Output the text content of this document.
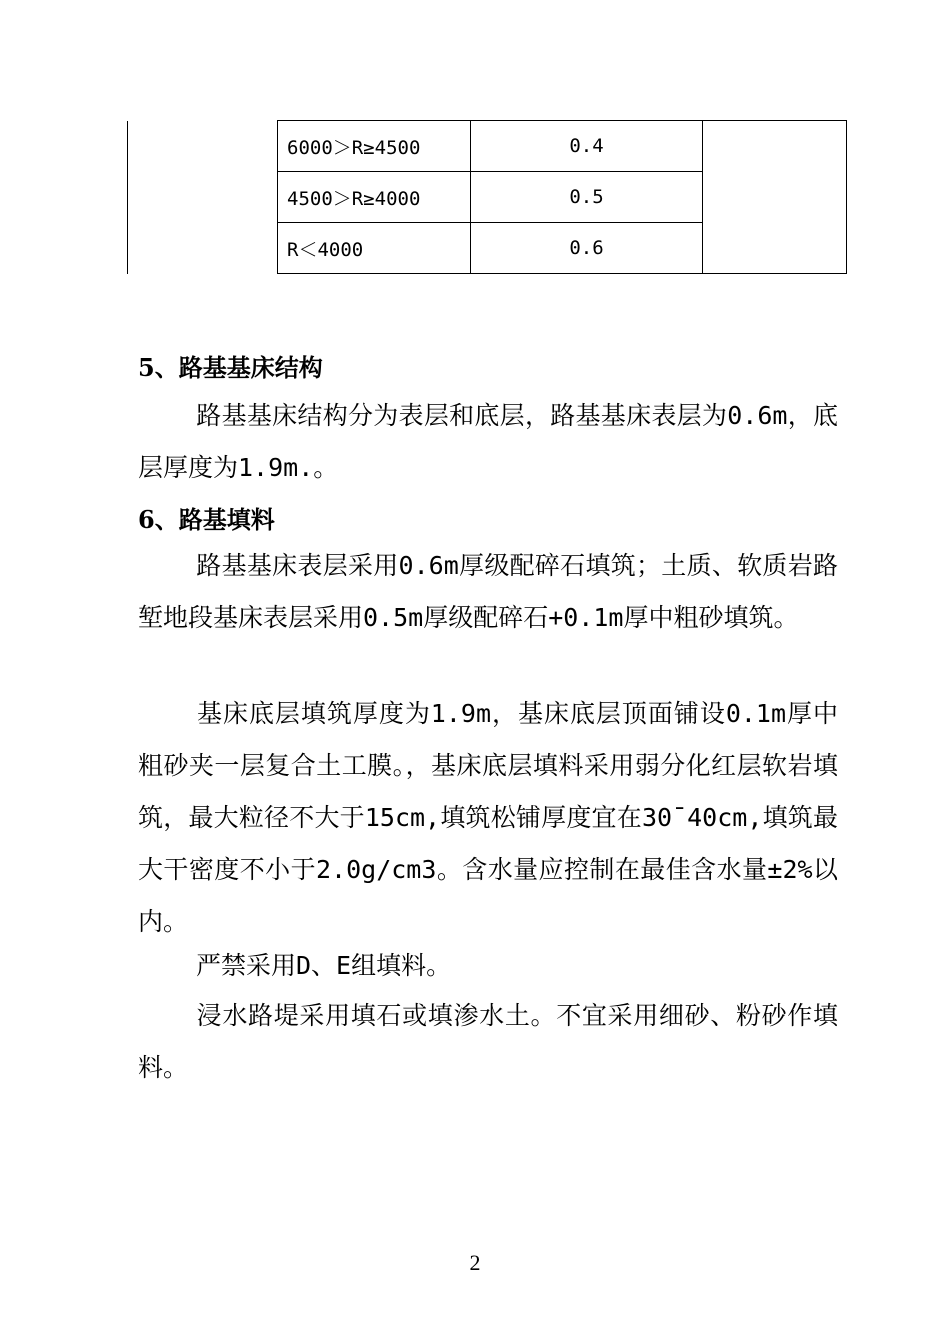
	6000＞R≥4500	0.4	
	4500＞R≥4000	0.5	
	R＜4000	0.6	
5、路基基床结构

路基基床结构分为表层和底层，路基基床表层为0.6m，底层厚度为1.9m.。

6、路基填料

路基基床表层采用0.6m厚级配碎石填筑；土质、软质岩路堑地段基床表层采用0.5m厚级配碎石+0.1m厚中粗砂填筑。

基床底层填筑厚度为1.9m，基床底层顶面铺设0.1m厚中粗砂夹一层复合土工膜。，基床底层填料采用弱分化红层软岩填筑，最大粒径不大于15cm,填筑松铺厚度宜在30¯40cm,填筑最大干密度不小于2.0g/cm3。含水量应控制在最佳含水量±2%以内。

严禁采用D、E组填料。

浸水路堤采用填石或填渗水土。不宜采用细砂、粉砂作填料。

2
